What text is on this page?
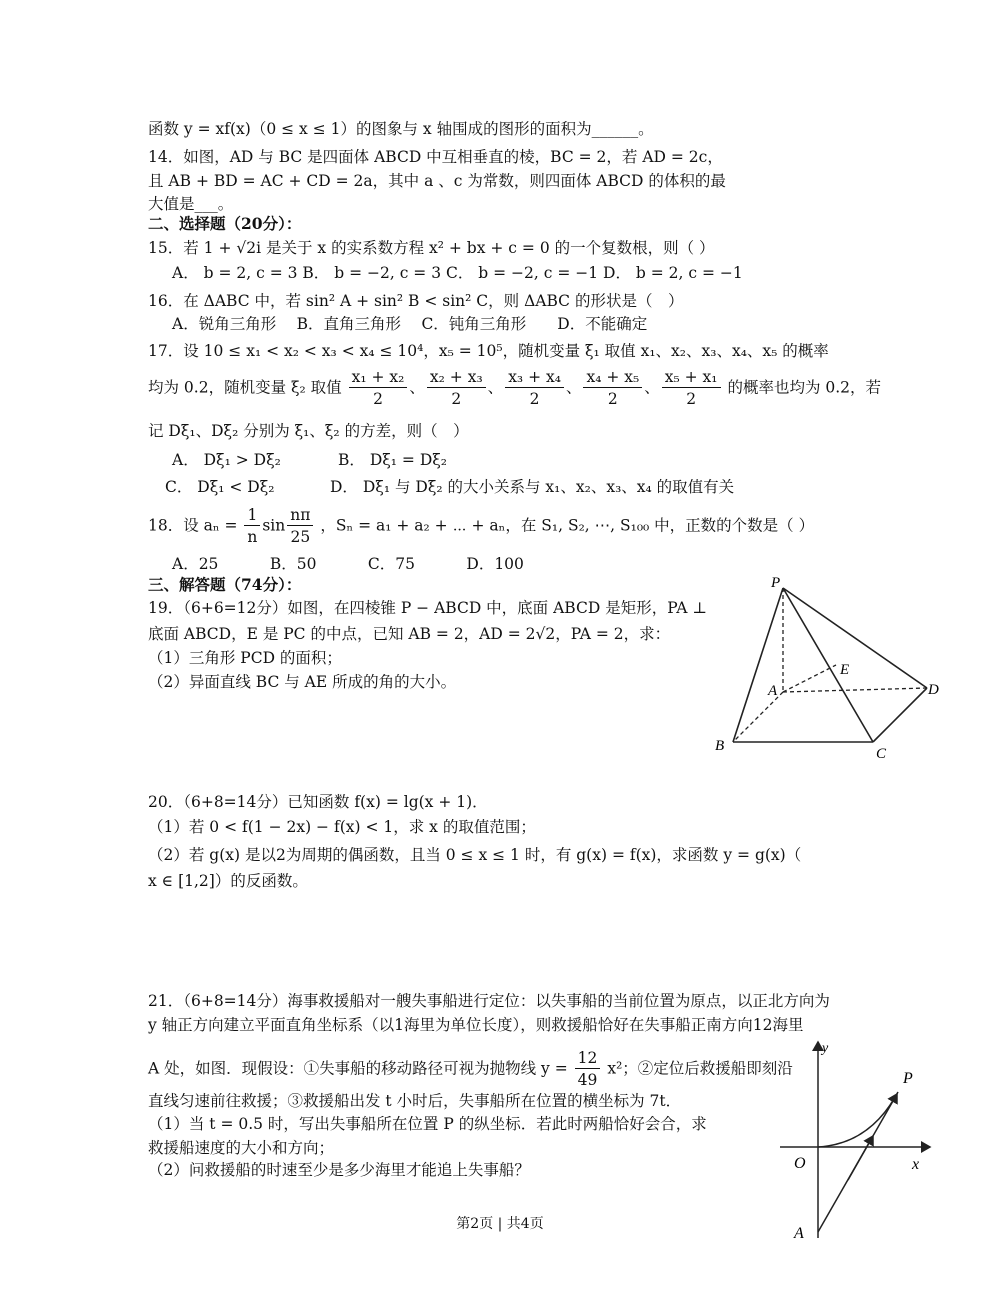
函数 y = xf(x)（0 ≤ x ≤ 1）的图象与 x 轴围成的图形的面积为______。
14．如图，AD 与 BC 是四面体 ABCD 中互相垂直的棱，BC = 2，若 AD = 2c，
且 AB + BD = AC + CD = 2a，其中 a 、c 为常数，则四面体 ABCD 的体积的最
大值是___。
二、选择题（20分）：
15．若 1 + √2i 是关于 x 的实系数方程 x² + bx + c = 0 的一个复数根，则（ ）
A． b = 2, c = 3 B． b = −2, c = 3 C． b = −2, c = −1 D． b = 2, c = −1
16．在 ΔABC 中，若 sin² A + sin² B < sin² C，则 ΔABC 的形状是（　）
A．锐角三角形　 B．直角三角形　 C．钝角三角形　　D．不能确定
17．设 10 ≤ x₁ < x₂ < x₃ < x₄ ≤ 10⁴，x₅ = 10⁵，随机变量 ξ₁ 取值 x₁、x₂、x₃、x₄、x₅ 的概率
均为 0.2，随机变量 ξ₂ 取值 $\frac{\text{x₁ + x₂}}{2}$ 、 $\frac{\text{x₂ + x₃}}{2}$ 、 $\frac{\text{x₃ + x₄}}{2}$ 、 $\frac{\text{x₄ + x₅}}{2}$ 、 $\frac{\text{x₅ + x₁}}{2}$ 的概率也均为 0.2，若
记 Dξ₁、Dξ₂ 分别为 ξ₁、ξ₂ 的方差，则（　）
A． Dξ₁ > Dξ₂	B． Dξ₁ = Dξ₂
C． Dξ₁ < Dξ₂	D． Dξ₁ 与 Dξ₂ 的大小关系与 x₁、x₂、x₃、x₄ 的取值有关
18．设 $a_n = \frac{1}{n}$ $\sin \frac{n\pi}{25}$ ，Sₙ = a₁ + a₂ + ⋯ + aₙ，在 S₁, S₂, ⋯, S₁₀₀ 中，正数的个数是（ ）
A．25　　　 B．50　　　 C．75　　　 D．100
三、解答题（74分）：
19．（6+6=12分）如图，在四棱锥 P − ABCD 中，底面 ABCD 是矩形，PA ⊥
底面 ABCD，E 是 PC 的中点，已知 AB = 2，AD = 2√2，PA = 2，求：
（1）三角形 PCD 的面积；
（2）异面直线 BC 与 AE 所成的角的大小。
P
A
E
B	C
D
20．（6+8=14分）已知函数 f(x) = lg(x + 1)．
（1）若 0 < f(1 − 2x) − f(x) < 1，求 x 的取值范围；
（2）若 g(x) 是以2为周期的偶函数，且当 0 ≤ x ≤ 1 时，有 g(x) = f(x)，求函数 y = g(x)（
x ∈ [1,2]）的反函数。
21．（6+8=14分）海事救援船对一艘失事船进行定位：以失事船的当前位置为原点，以正北方向为
y 轴正方向建立平面直角坐标系（以1海里为单位长度），则救援船恰好在失事船正南方向12海里
A 处，如图．现假设：①失事船的移动路径可视为抛物线 $y = \frac{12}{49} x^2$；②定位后救援船即刻沿
直线匀速前往救援；③救援船出发 t 小时后，失事船所在位置的横坐标为 7t．
（1）当 t = 0.5 时，写出失事船所在位置 P 的纵坐标．若此时两船恰好会合，求
救援船速度的大小和方向；
（2）问救援船的时速至少是多少海里才能追上失事船？
y
x
O
A
P
第2页 | 共4页
